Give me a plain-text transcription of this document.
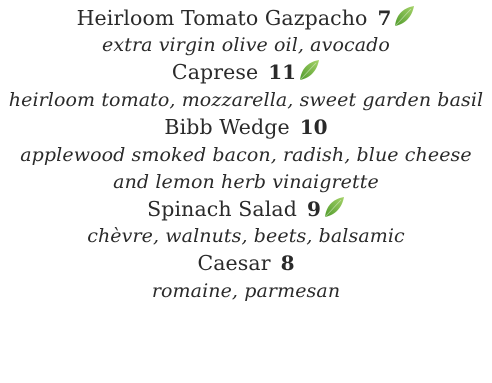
Heirloom Tomato Gazpacho 7
extra virgin olive oil, avocado
Caprese 11
heirloom tomato, mozzarella, sweet garden basil
Bibb Wedge 10
applewood smoked bacon, radish, blue cheese
and lemon herb vinaigrette
Spinach Salad 9
chèvre, walnuts, beets, balsamic
Caesar 8
romaine, parmesan
